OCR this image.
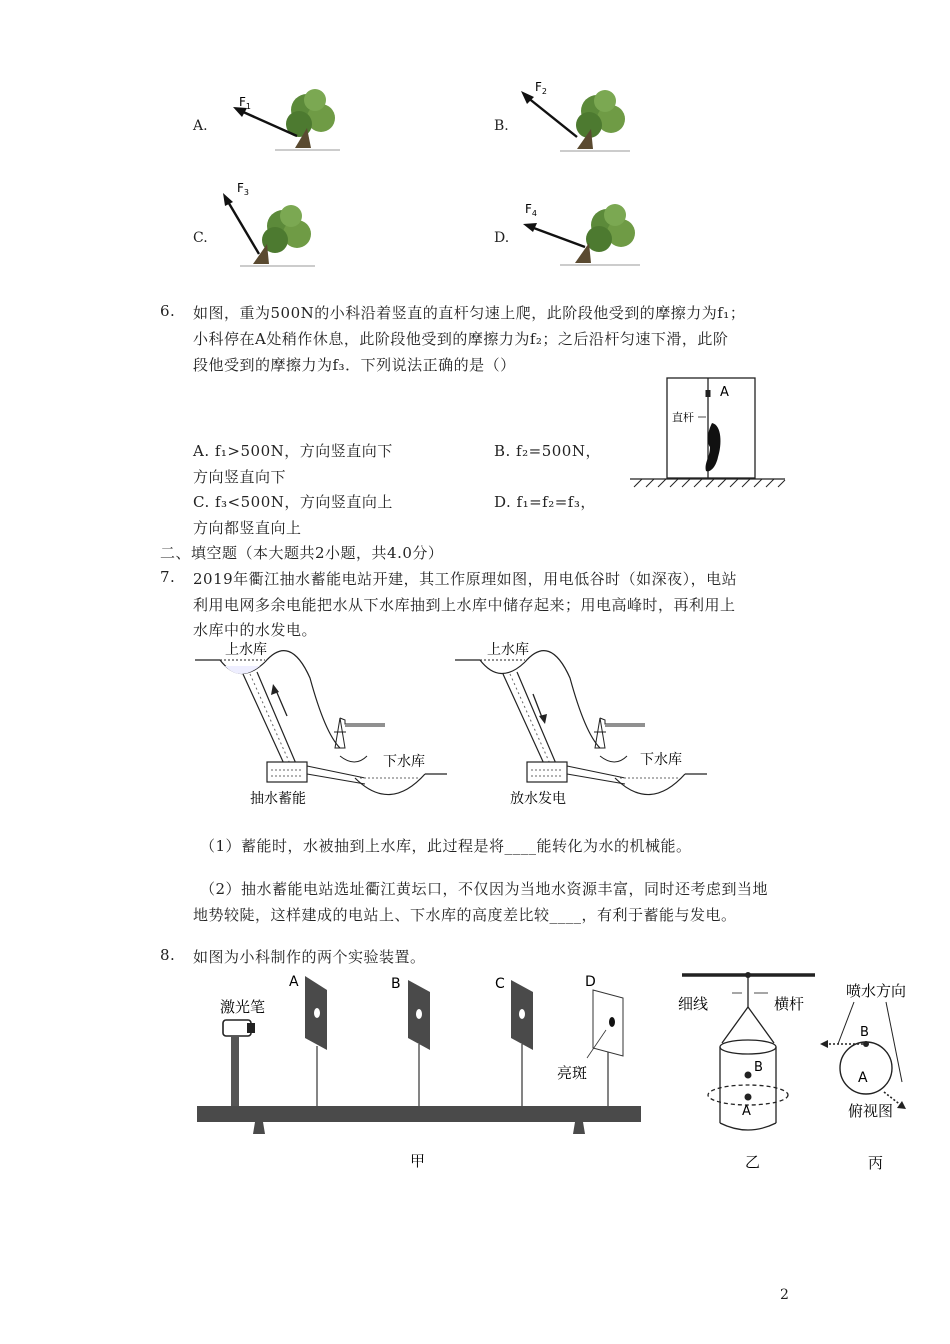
A.	B.
C.	D.
$F_1$
$F_2$
$F_3$
$F_4$
6. 如图，重为500N的小科沿着竖直的直杆匀速上爬，此阶段他受到的摩擦力为f₁；
小科停在A处稍作休息，此阶段他受到的摩擦力为f₂；之后沿杆匀速下滑，此阶
段他受到的摩擦力为f₃．下列说法正确的是（）
A
直杆
A. f₁>500N，方向竖直向下	B. f₂=500N，
方向竖直向下
C. f₃<500N，方向竖直向上	D. f₁=f₂=f₃，
方向都竖直向上
二、填空题（本大题共2小题，共4.0分）
7. 2019年衢江抽水蓄能电站开建，其工作原理如图，用电低谷时（如深夜），电站
利用电网多余电能把水从下水库抽到上水库中储存起来；用电高峰时，再利用上
水库中的水发电。
上水库
下水库
抽水蓄能
上水库
下水库
放水发电
（1）蓄能时，水被抽到上水库，此过程是将____能转化为水的机械能。
（2）抽水蓄能电站选址衢江黄坛口，不仅因为当地水资源丰富，同时还考虑到当地
地势较陡，这样建成的电站上、下水库的高度差比较____，有利于蓄能与发电。
8. 如图为小科制作的两个实验装置。
激光笔
A	B	C	D
亮斑
甲
细线	横杆
B
A
乙
喷水方向
B
A
俯视图
丙
2
